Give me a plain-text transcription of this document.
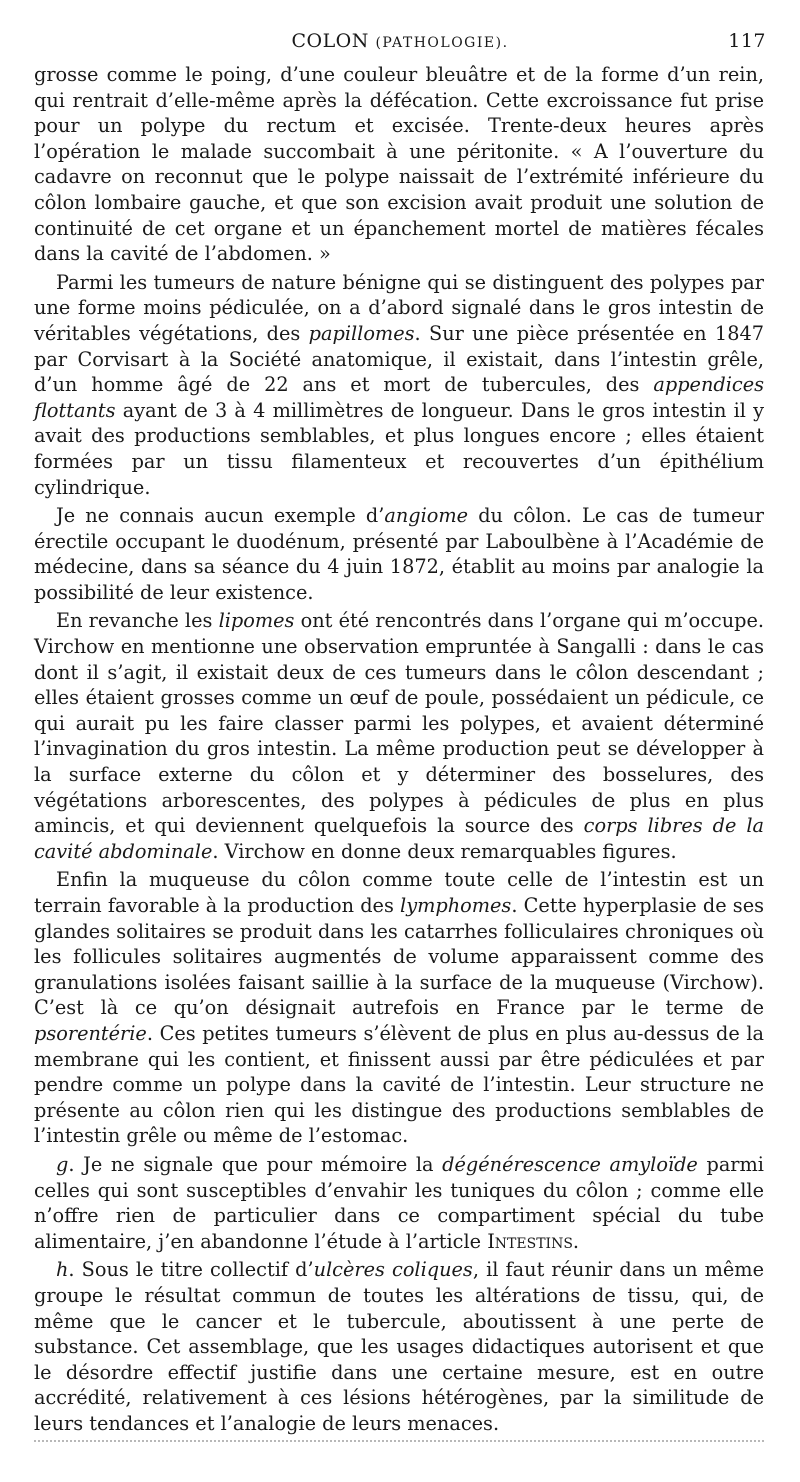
COLON (PATHOLOGIE).	117

grosse comme le poing, d’une couleur bleuâtre et de la forme d’un rein, qui rentrait d’elle-même après la défécation. Cette excroissance fut prise pour un polype du rectum et excisée. Trente-deux heures après l’opération le malade succombait à une péritonite. « A l’ouverture du cadavre on reconnut que le polype naissait de l’extrémité inférieure du côlon lombaire gauche, et que son excision avait produit une solution de continuité de cet organe et un épanchement mortel de matières fécales dans la cavité de l’abdomen. »

Parmi les tumeurs de nature bénigne qui se distinguent des polypes par une forme moins pédiculée, on a d’abord signalé dans le gros intestin de véritables végétations, des papillomes. Sur une pièce présentée en 1847 par Corvisart à la Société anatomique, il existait, dans l’intestin grêle, d’un homme âgé de 22 ans et mort de tubercules, des appendices flottants ayant de 3 à 4 millimètres de longueur. Dans le gros intestin il y avait des productions semblables, et plus longues encore ; elles étaient formées par un tissu filamenteux et recouvertes d’un épithélium cylindrique.

Je ne connais aucun exemple d’angiome du côlon. Le cas de tumeur érectile occupant le duodénum, présenté par Laboulbène à l’Académie de médecine, dans sa séance du 4 juin 1872, établit au moins par analogie la possibilité de leur existence.

En revanche les lipomes ont été rencontrés dans l’organe qui m’occupe. Virchow en mentionne une observation empruntée à Sangalli : dans le cas dont il s’agit, il existait deux de ces tumeurs dans le côlon descendant ; elles étaient grosses comme un œuf de poule, possédaient un pédicule, ce qui aurait pu les faire classer parmi les polypes, et avaient déterminé l’invagination du gros intestin. La même production peut se développer à la surface externe du côlon et y déterminer des bosselures, des végétations arborescentes, des polypes à pédicules de plus en plus amincis, et qui deviennent quelquefois la source des corps libres de la cavité abdominale. Virchow en donne deux remarquables figures.

Enfin la muqueuse du côlon comme toute celle de l’intestin est un terrain favorable à la production des lymphomes. Cette hyperplasie de ses glandes solitaires se produit dans les catarrhes folliculaires chroniques où les follicules solitaires augmentés de volume apparaissent comme des granulations isolées faisant saillie à la surface de la muqueuse (Virchow). C’est là ce qu’on désignait autrefois en France par le terme de psorentérie. Ces petites tumeurs s’élèvent de plus en plus au-dessus de la membrane qui les contient, et finissent aussi par être pédiculées et par pendre comme un polype dans la cavité de l’intestin. Leur structure ne présente au côlon rien qui les distingue des productions semblables de l’intestin grêle ou même de l’estomac.

g. Je ne signale que pour mémoire la dégénérescence amyloïde parmi celles qui sont susceptibles d’envahir les tuniques du côlon ; comme elle n’offre rien de particulier dans ce compartiment spécial du tube alimentaire, j’en abandonne l’étude à l’article Intestins.

h. Sous le titre collectif d’ulcères coliques, il faut réunir dans un même groupe le résultat commun de toutes les altérations de tissu, qui, de même que le cancer et le tubercule, aboutissent à une perte de substance. Cet assemblage, que les usages didactiques autorisent et que le désordre effectif justifie dans une certaine mesure, est en outre accrédité, relativement à ces lésions hétérogènes, par la similitude de leurs tendances et l’analogie de leurs menaces.
